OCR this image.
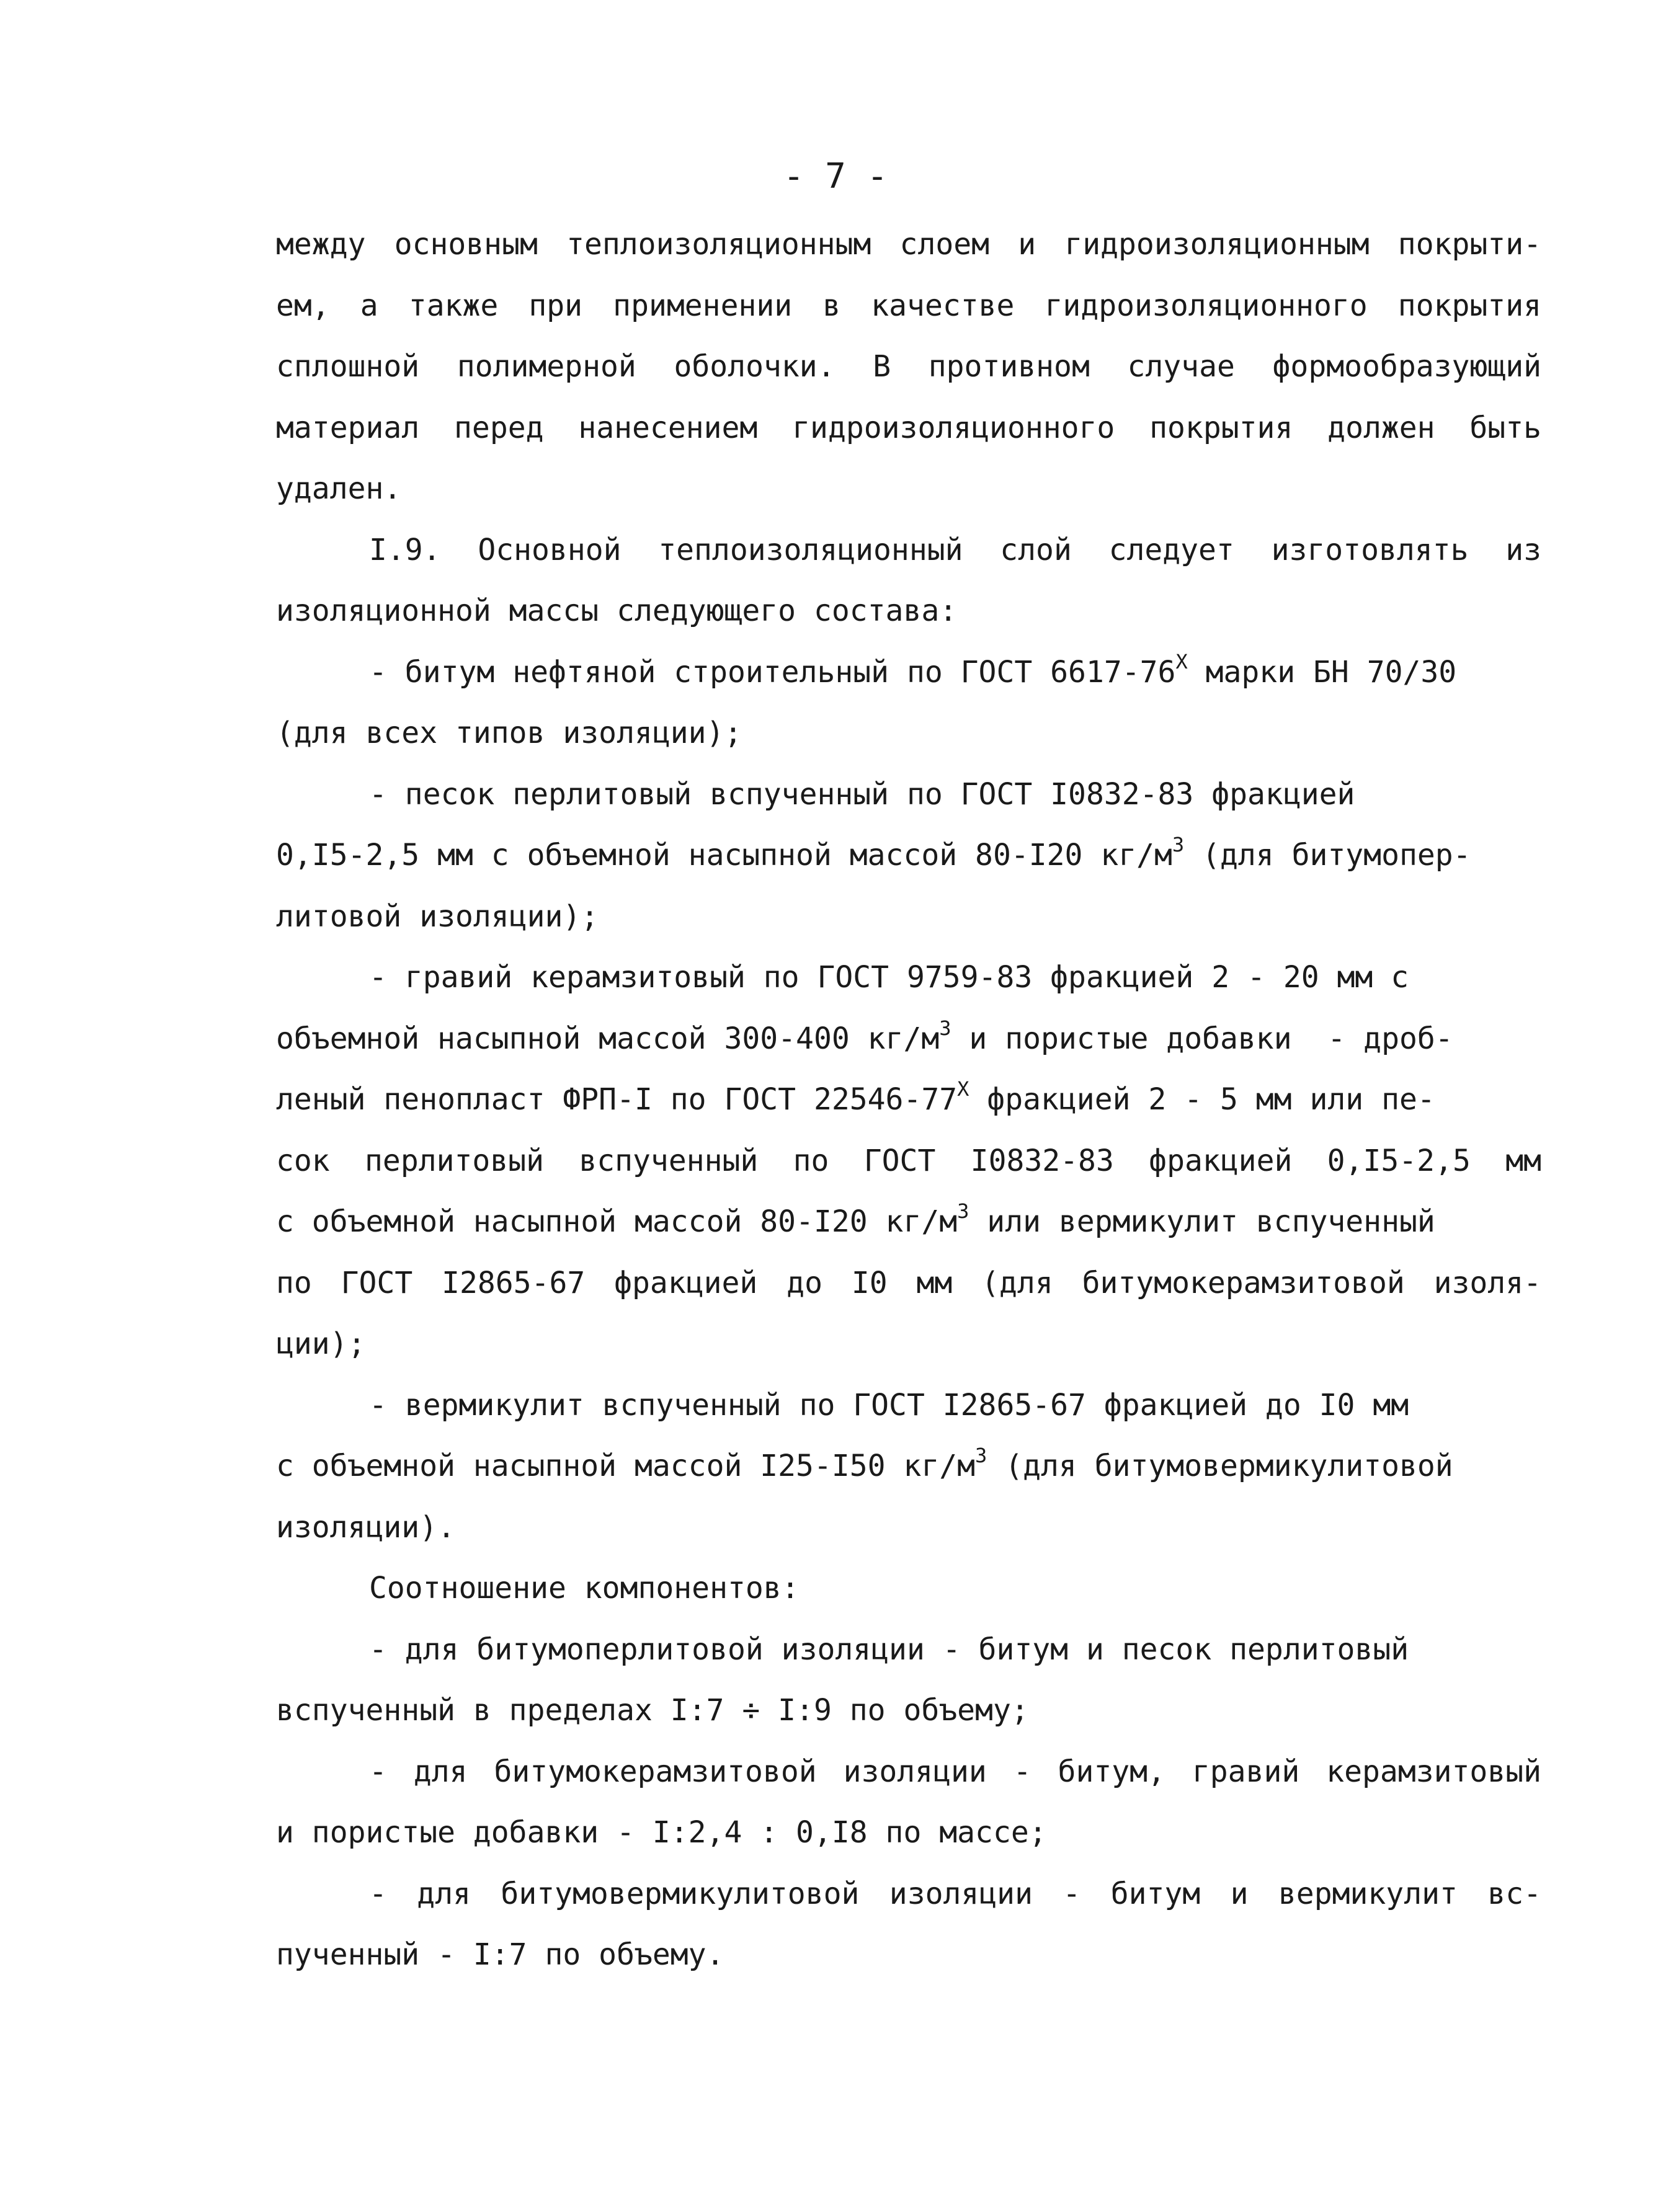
- 7 -
между основным теплоизоляционным слоем и гидроизоляционным покрыти-
ем, а также при применении в качестве гидроизоляционного покрытия
сплошной полимерной оболочки. В противном случае формообразующий
материал перед нанесением гидроизоляционного покрытия должен быть
удален.
I.9. Основной теплоизоляционный слой следует изготовлять из
изоляционной массы следующего состава:
- битум нефтяной строительный по ГОСТ $6617-76^X$ марки БН 70/30
(для всех типов изоляции);
- песок перлитовый вспученный по ГОСТ I0832-83 фракцией
0,I5-2,5 мм с объемной насыпной массой 80-I20 $кг/м^3$ (для битумопер-
литовой изоляции);
- гравий керамзитовый по ГОСТ 9759-83 фракцией 2 - 20 мм с
объемной насыпной массой 300-400 $кг/м^3$ и пористые добавки  - дроб-
леный пенопласт ФРП-I по ГОСТ $22546-77^X$ фракцией 2 - 5 мм или пе-
сок перлитовый вспученный по ГОСТ I0832-83 фракцией 0,I5-2,5 мм
с объемной насыпной массой 80-I20 $кг/м^3$ или вермикулит вспученный
по ГОСТ I2865-67 фракцией до I0 мм (для битумокерамзитовой изоля-
ции);
- вермикулит вспученный по ГОСТ I2865-67 фракцией до I0 мм
с объемной насыпной массой I25-I50 $кг/м^3$ (для битумовермикулитовой
изоляции).
Соотношение компонентов:
- для битумоперлитовой изоляции - битум и песок перлитовый
вспученный в пределах I:7 ÷ I:9 по объему;
- для битумокерамзитовой изоляции - битум, гравий керамзитовый
и пористые добавки - I:2,4 : 0,I8 по массе;
- для битумовермикулитовой изоляции - битум и вермикулит вс-
пученный - I:7 по объему.
